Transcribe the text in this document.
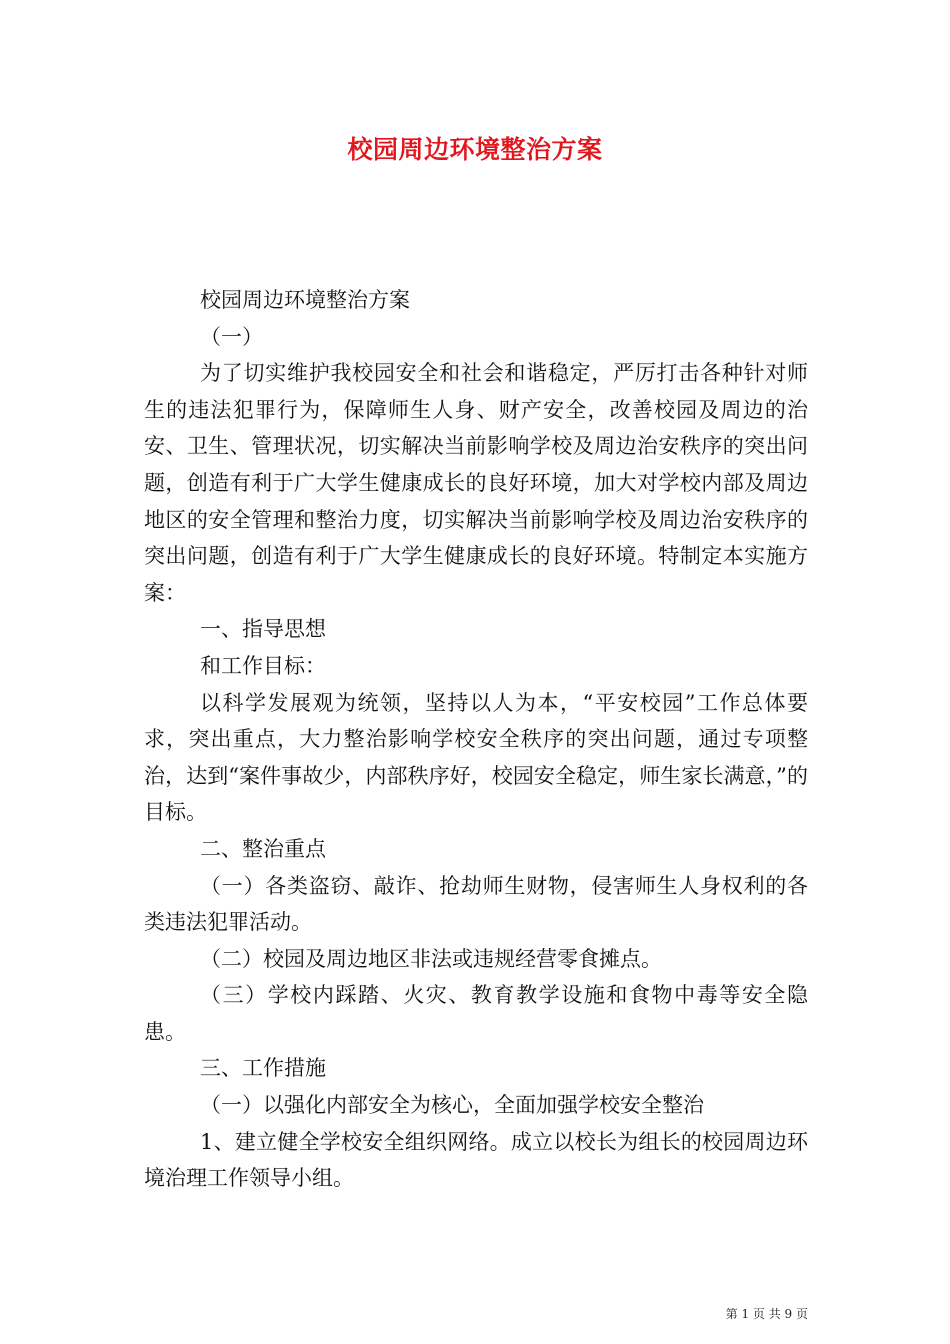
校园周边环境整治方案

校园周边环境整治方案

（一）

为了切实维护我校园安全和社会和谐稳定，严厉打击各种针对师生的违法犯罪行为，保障师生人身、财产安全，改善校园及周边的治安、卫生、管理状况，切实解决当前影响学校及周边治安秩序的突出问题，创造有利于广大学生健康成长的良好环境，加大对学校内部及周边地区的安全管理和整治力度，切实解决当前影响学校及周边治安秩序的突出问题，创造有利于广大学生健康成长的良好环境。特制定本实施方案：

一、指导思想

和工作目标：

以科学发展观为统领，坚持以人为本，“平安校园”工作总体要求，突出重点，大力整治影响学校安全秩序的突出问题，通过专项整治，达到“案件事故少，内部秩序好，校园安全稳定，师生家长满意，”的目标。

二、整治重点

（一）各类盗窃、敲诈、抢劫师生财物，侵害师生人身权利的各类违法犯罪活动。

（二）校园及周边地区非法或违规经营零食摊点。

（三）学校内踩踏、火灾、教育教学设施和食物中毒等安全隐患。

三、工作措施

（一）以强化内部安全为核心，全面加强学校安全整治

1、建立健全学校安全组织网络。成立以校长为组长的校园周边环境治理工作领导小组。

第 1 页 共 9 页
